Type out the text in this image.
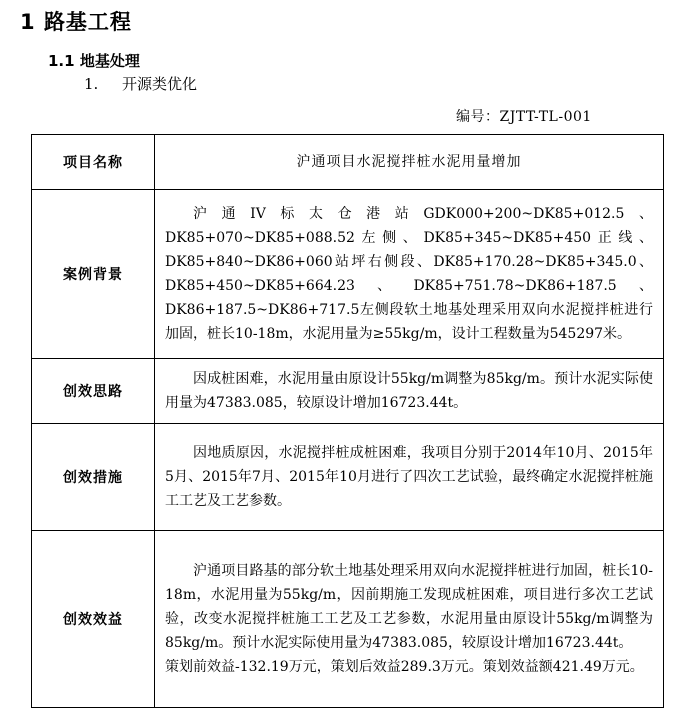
1 路基工程
1.1 地基处理
1. 开源类优化
编号：ZJTT-TL-001
项目名称	沪通项目水泥搅拌桩水泥用量增加
案例背景	沪通IV标太仓港站GDK000+200~DK85+012.5、DK85+070~DK85+088.52左侧、DK85+345~DK85+450正线、DK85+840~DK86+060站坪右侧段、DK85+170.28~DK85+345.0、DK85+450~DK85+664.23、DK85+751.78~DK86+187.5、DK86+187.5~DK86+717.5左侧段软土地基处理采用双向水泥搅拌桩进行加固，桩长10-18m，水泥用量为≥55kg/m，设计工程数量为545297米。

创效思路	因成桩困难，水泥用量由原设计55kg/m调整为85kg/m。预计水泥实际使用量为47383.085，较原设计增加16723.44t。

创效措施	因地质原因，水泥搅拌桩成桩困难，我项目分别于2014年10月、2015年5月、2015年7月、2015年10月进行了四次工艺试验，最终确定水泥搅拌桩施工工艺及工艺参数。

创效效益	沪通项目路基的部分软土地基处理采用双向水泥搅拌桩进行加固，桩长10-18m，水泥用量为55kg/m，因前期施工发现成桩困难，项目进行多次工艺试验，改变水泥搅拌桩施工工艺及工艺参数，水泥用量由原设计55kg/m调整为85kg/m。预计水泥实际使用量为47383.085，较原设计增加16723.44t。
策划前效益-132.19万元，策划后效益289.3万元。策划效益额421.49万元。
